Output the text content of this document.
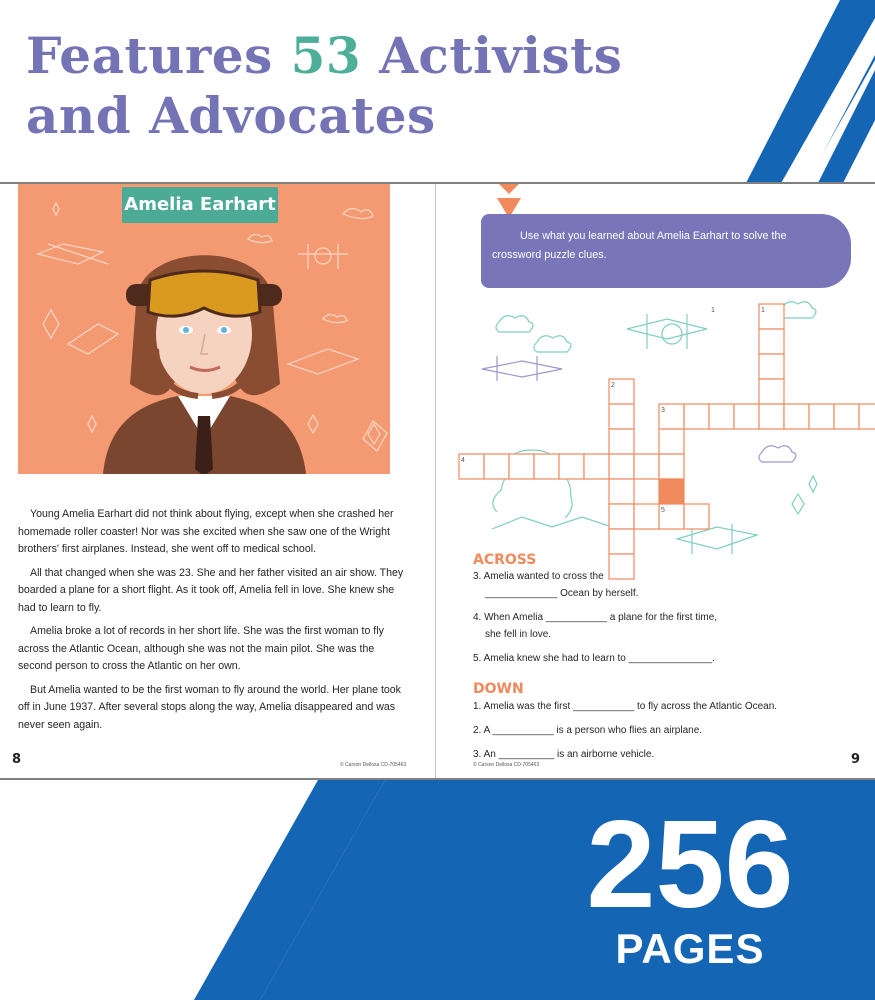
Features 53 Activists
and Advocates
Amelia Earhart

Young Amelia Earhart did not think about flying, except when she crashed her homemade roller coaster! Nor was she excited when she saw one of the Wright brothers' first airplanes. Instead, she went off to medical school.

All that changed when she was 23. She and her father visited an air show. They boarded a plane for a short flight. As it took off, Amelia fell in love. She knew she had to learn to fly.

Amelia broke a lot of records in her short life. She was the first woman to fly across the Atlantic Ocean, although she was not the main pilot. She was the second person to cross the Atlantic on her own.

But Amelia wanted to be the first woman to fly around the world. Her plane took off in June 1937. After several stops along the way, Amelia disappeared and was never seen again.

8	© Carson Dellosa CD-705463
Use what you learned about Amelia Earhart to solve the crossword puzzle clues.
1	1
2
3
4
5
ACROSS
3. Amelia wanted to cross the
_____________ Ocean by herself.
4. When Amelia ___________ a plane for the first time,
she fell in love.
5. Amelia knew she had to learn to _______________.
DOWN
1. Amelia was the first ___________ to fly across the Atlantic Ocean.
2. A ___________ is a person who flies an airplane.
3. An __________ is an airborne vehicle.
© Carson Dellosa CD-705463	9
256
PAGES
